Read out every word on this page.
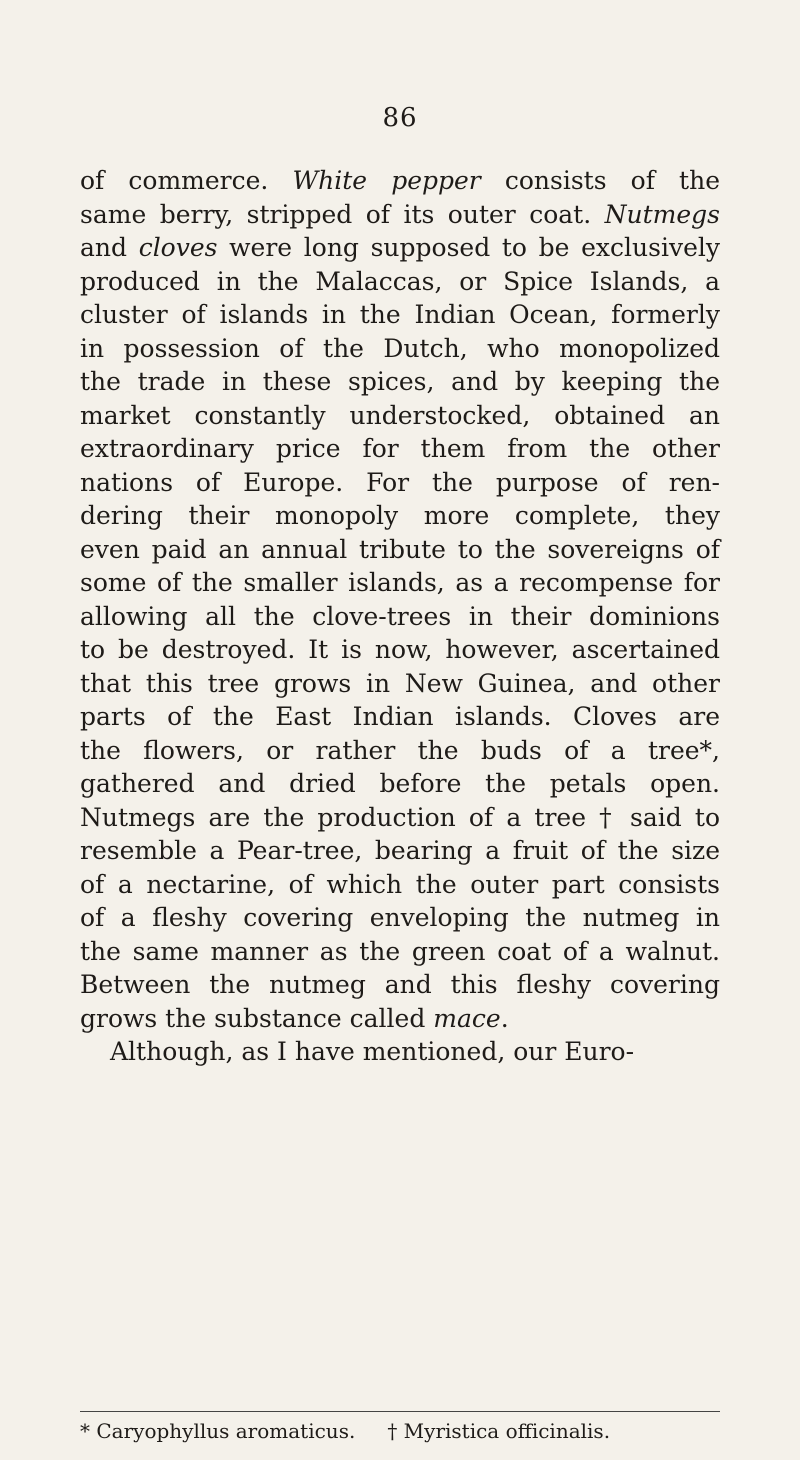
86
of commerce. White pepper consists of the
same berry, stripped of its outer coat. Nutmegs
and cloves were long supposed to be exclusively
produced in the Malaccas, or Spice Islands, a
cluster of islands in the Indian Ocean, formerly
in possession of the Dutch, who monopolized
the trade in these spices, and by keeping the
market constantly understocked, obtained an
extraordinary price for them from the other
nations of Europe. For the purpose of ren-
dering their monopoly more complete, they
even paid an annual tribute to the sovereigns of
some of the smaller islands, as a recompense for
allowing all the clove-trees in their dominions
to be destroyed. It is now, however, ascertained
that this tree grows in New Guinea, and other
parts of the East Indian islands. Cloves are
the flowers, or rather the buds of a tree*,
gathered and dried before the petals open.
Nutmegs are the production of a tree † said to
resemble a Pear-tree, bearing a fruit of the size
of a nectarine, of which the outer part consists
of a fleshy covering enveloping the nutmeg in
the same manner as the green coat of a walnut.
Between the nutmeg and this fleshy covering
grows the substance called mace.
Although, as I have mentioned, our Euro-
* Caryophyllus aromaticus. † Myristica officinalis.
